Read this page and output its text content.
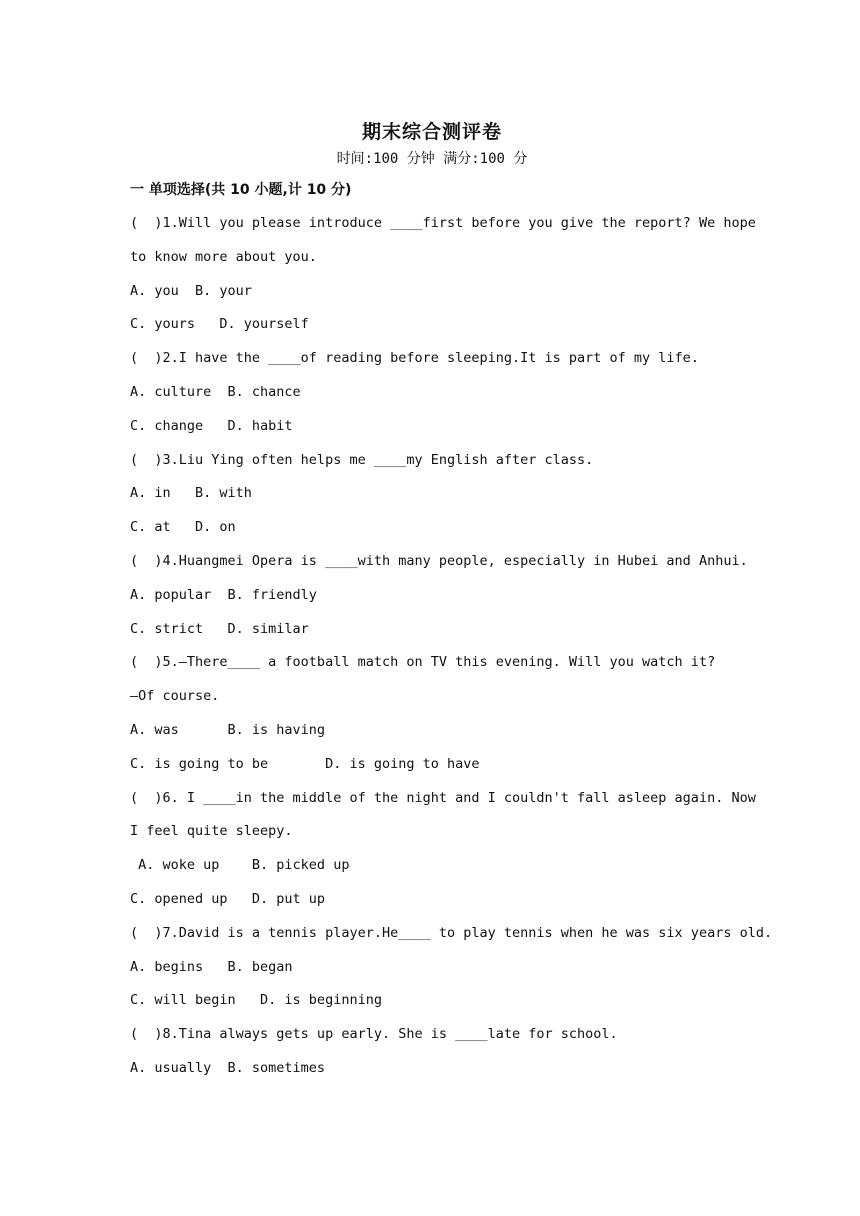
期末综合测评卷
时间:100 分钟 满分:100 分
一 单项选择(共 10 小题,计 10 分)
(  )1.Will you please introduce ____first before you give the report? We hope
to know more about you.
A. you  B. your
C. yours   D. yourself
(  )2.I have the ____of reading before sleeping.It is part of my life.
A. culture  B. chance
C. change   D. habit
(  )3.Liu Ying often helps me ____my English after class.
A. in   B. with
C. at   D. on
(  )4.Huangmei Opera is ____with many people, especially in Hubei and Anhui.
A. popular  B. friendly
C. strict   D. similar
(  )5.—There____ a football match on TV this evening. Will you watch it?
—Of course.
A. was      B. is having
C. is going to be       D. is going to have
(  )6. I ____in the middle of the night and I couldn't fall asleep again. Now
I feel quite sleepy.
A. woke up    B. picked up
C. opened up   D. put up
(  )7.David is a tennis player.He____ to play tennis when he was six years old.
A. begins   B. began
C. will begin   D. is beginning
(  )8.Tina always gets up early. She is ____late for school.
A. usually  B. sometimes
